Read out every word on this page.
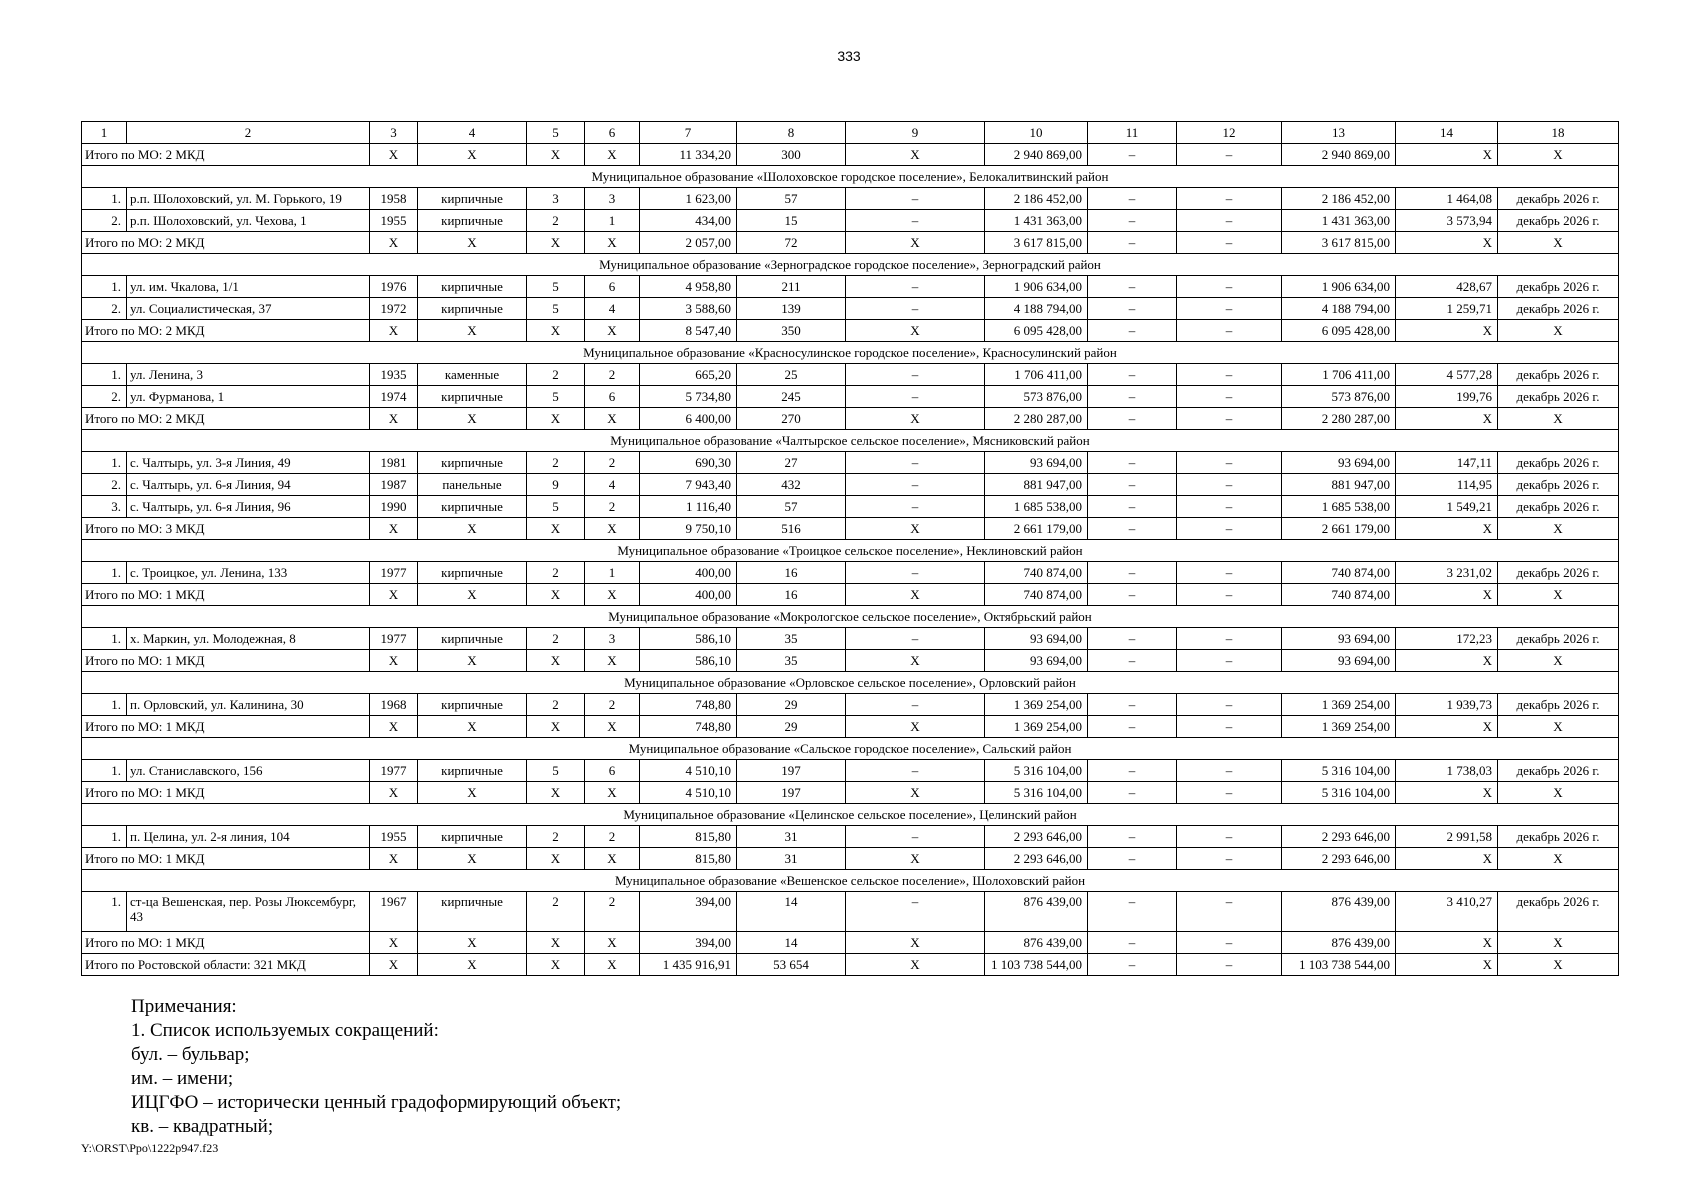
333
1	2	3	4	5	6	7	8	9	10	11	12	13	14	18
Итого по МО: 2 МКД		X	X	X	X	11 334,20	300	X	2 940 869,00	–	–	2 940 869,00	X	X
Муниципальное образование «Шолоховское городское поселение», Белокалитвинский район														
1.	р.п. Шолоховский, ул. М. Горького, 19	1958	кирпичные	3	3	1 623,00	57	–	2 186 452,00	–	–	2 186 452,00	1 464,08	декабрь 2026 г.
2.	р.п. Шолоховский, ул. Чехова, 1	1955	кирпичные	2	1	434,00	15	–	1 431 363,00	–	–	1 431 363,00	3 573,94	декабрь 2026 г.
Итого по МО: 2 МКД		X	X	X	X	2 057,00	72	X	3 617 815,00	–	–	3 617 815,00	X	X
Муниципальное образование «Зерноградское городское поселение», Зерноградский район														
1.	ул. им. Чкалова, 1/1	1976	кирпичные	5	6	4 958,80	211	–	1 906 634,00	–	–	1 906 634,00	428,67	декабрь 2026 г.
2.	ул. Социалистическая, 37	1972	кирпичные	5	4	3 588,60	139	–	4 188 794,00	–	–	4 188 794,00	1 259,71	декабрь 2026 г.
Итого по МО: 2 МКД		X	X	X	X	8 547,40	350	X	6 095 428,00	–	–	6 095 428,00	X	X
Муниципальное образование «Красносулинское городское поселение», Красносулинский район														
1.	ул. Ленина, 3	1935	каменные	2	2	665,20	25	–	1 706 411,00	–	–	1 706 411,00	4 577,28	декабрь 2026 г.
2.	ул. Фурманова, 1	1974	кирпичные	5	6	5 734,80	245	–	573 876,00	–	–	573 876,00	199,76	декабрь 2026 г.
Итого по МО: 2 МКД		X	X	X	X	6 400,00	270	X	2 280 287,00	–	–	2 280 287,00	X	X
Муниципальное образование «Чалтырское сельское поселение», Мясниковский район														
1.	с. Чалтырь, ул. 3-я Линия, 49	1981	кирпичные	2	2	690,30	27	–	93 694,00	–	–	93 694,00	147,11	декабрь 2026 г.
2.	с. Чалтырь, ул. 6-я Линия, 94	1987	панельные	9	4	7 943,40	432	–	881 947,00	–	–	881 947,00	114,95	декабрь 2026 г.
3.	с. Чалтырь, ул. 6-я Линия, 96	1990	кирпичные	5	2	1 116,40	57	–	1 685 538,00	–	–	1 685 538,00	1 549,21	декабрь 2026 г.
Итого по МО: 3 МКД		X	X	X	X	9 750,10	516	X	2 661 179,00	–	–	2 661 179,00	X	X
Муниципальное образование «Троицкое сельское поселение», Неклиновский район														
1.	с. Троицкое, ул. Ленина, 133	1977	кирпичные	2	1	400,00	16	–	740 874,00	–	–	740 874,00	3 231,02	декабрь 2026 г.
Итого по МО: 1 МКД		X	X	X	X	400,00	16	X	740 874,00	–	–	740 874,00	X	X
Муниципальное образование «Мокрологское сельское поселение», Октябрьский район														
1.	х. Маркин, ул. Молодежная, 8	1977	кирпичные	2	3	586,10	35	–	93 694,00	–	–	93 694,00	172,23	декабрь 2026 г.
Итого по МО: 1 МКД		X	X	X	X	586,10	35	X	93 694,00	–	–	93 694,00	X	X
Муниципальное образование «Орловское сельское поселение», Орловский район														
1.	п. Орловский, ул. Калинина, 30	1968	кирпичные	2	2	748,80	29	–	1 369 254,00	–	–	1 369 254,00	1 939,73	декабрь 2026 г.
Итого по МО: 1 МКД		X	X	X	X	748,80	29	X	1 369 254,00	–	–	1 369 254,00	X	X
Муниципальное образование «Сальское городское поселение», Сальский район														
1.	ул. Станиславского, 156	1977	кирпичные	5	6	4 510,10	197	–	5 316 104,00	–	–	5 316 104,00	1 738,03	декабрь 2026 г.
Итого по МО: 1 МКД		X	X	X	X	4 510,10	197	X	5 316 104,00	–	–	5 316 104,00	X	X
Муниципальное образование «Целинское сельское поселение», Целинский район														
1.	п. Целина, ул. 2-я линия, 104	1955	кирпичные	2	2	815,80	31	–	2 293 646,00	–	–	2 293 646,00	2 991,58	декабрь 2026 г.
Итого по МО: 1 МКД		X	X	X	X	815,80	31	X	2 293 646,00	–	–	2 293 646,00	X	X
Муниципальное образование «Вешенское сельское поселение», Шолоховский район														
1.	ст-ца Вешенская, пер. Розы Люксембург, 43	1967	кирпичные	2	2	394,00	14	–	876 439,00	–	–	876 439,00	3 410,27	декабрь 2026 г.
Итого по МО: 1 МКД		X	X	X	X	394,00	14	X	876 439,00	–	–	876 439,00	X	X
Итого по Ростовской области: 321 МКД		X	X	X	X	1 435 916,91	53 654	X	1 103 738 544,00	–	–	1 103 738 544,00	X	X
Примечания:
1. Список используемых сокращений:
бул. – бульвар;
им. – имени;
ИЦГФО – исторически ценный градоформирующий объект;
кв. – квадратный;
Y:\ORST\Ppo\1222p947.f23
